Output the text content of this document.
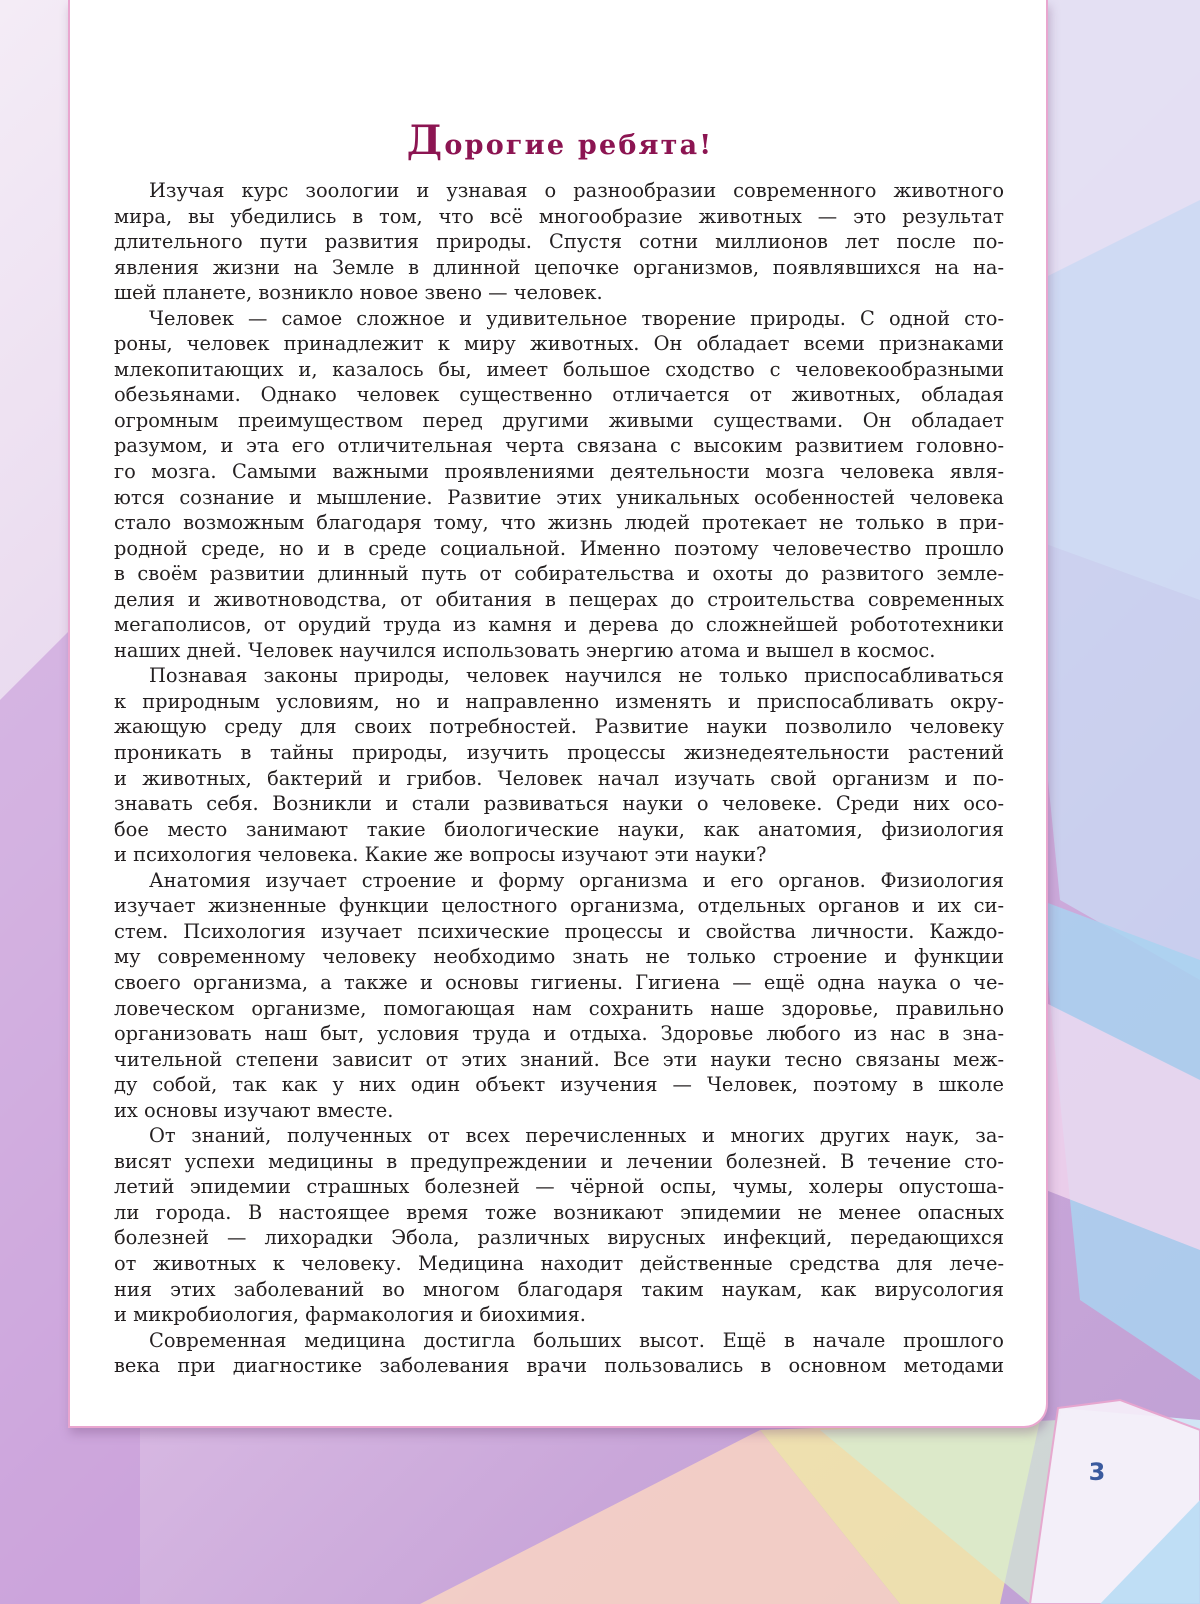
Дорогие ребята!
Изучая курс зоологии и узнавая о разнообразии современного животного
мира, вы убедились в том, что всё многообразие животных — это результат
длительного пути развития природы. Спустя сотни миллионов лет после по-
явления жизни на Земле в длинной цепочке организмов, появлявшихся на на-
шей планете, возникло новое звено — человек.
Человек — самое сложное и удивительное творение природы. С одной сто-
роны, человек принадлежит к миру животных. Он обладает всеми признаками
млекопитающих и, казалось бы, имеет большое сходство с человекообразными
обезьянами. Однако человек существенно отличается от животных, обладая
огромным преимуществом перед другими живыми существами. Он обладает
разумом, и эта его отличительная черта связана с высоким развитием головно-
го мозга. Самыми важными проявлениями деятельности мозга человека явля-
ются сознание и мышление. Развитие этих уникальных особенностей человека
стало возможным благодаря тому, что жизнь людей протекает не только в при-
родной среде, но и в среде социальной. Именно поэтому человечество прошло
в своём развитии длинный путь от собирательства и охоты до развитого земле-
делия и животноводства, от обитания в пещерах до строительства современных
мегаполисов, от орудий труда из камня и дерева до сложнейшей робототехники
наших дней. Человек научился использовать энергию атома и вышел в космос.
Познавая законы природы, человек научился не только приспосабливаться
к природным условиям, но и направленно изменять и приспосабливать окру-
жающую среду для своих потребностей. Развитие науки позволило человеку
проникать в тайны природы, изучить процессы жизнедеятельности растений
и животных, бактерий и грибов. Человек начал изучать свой организм и по-
знавать себя. Возникли и стали развиваться науки о человеке. Среди них осо-
бое место занимают такие биологические науки, как анатомия, физиология
и психология человека. Какие же вопросы изучают эти науки?
Анатомия изучает строение и форму организма и его органов. Физиология
изучает жизненные функции целостного организма, отдельных органов и их си-
стем. Психология изучает психические процессы и свойства личности. Каждо-
му современному человеку необходимо знать не только строение и функции
своего организма, а также и основы гигиены. Гигиена — ещё одна наука о че-
ловеческом организме, помогающая нам сохранить наше здоровье, правильно
организовать наш быт, условия труда и отдыха. Здоровье любого из нас в зна-
чительной степени зависит от этих знаний. Все эти науки тесно связаны меж-
ду собой, так как у них один объект изучения — Человек, поэтому в школе
их основы изучают вместе.
От знаний, полученных от всех перечисленных и многих других наук, за-
висят успехи медицины в предупреждении и лечении болезней. В течение сто-
летий эпидемии страшных болезней — чёрной оспы, чумы, холеры опустоша-
ли города. В настоящее время тоже возникают эпидемии не менее опасных
болезней — лихорадки Эбола, различных вирусных инфекций, передающихся
от животных к человеку. Медицина находит действенные средства для лече-
ния этих заболеваний во многом благодаря таким наукам, как вирусология
и микробиология, фармакология и биохимия.
Современная медицина достигла больших высот. Ещё в начале прошлого
века при диагностике заболевания врачи пользовались в основном методами
3
